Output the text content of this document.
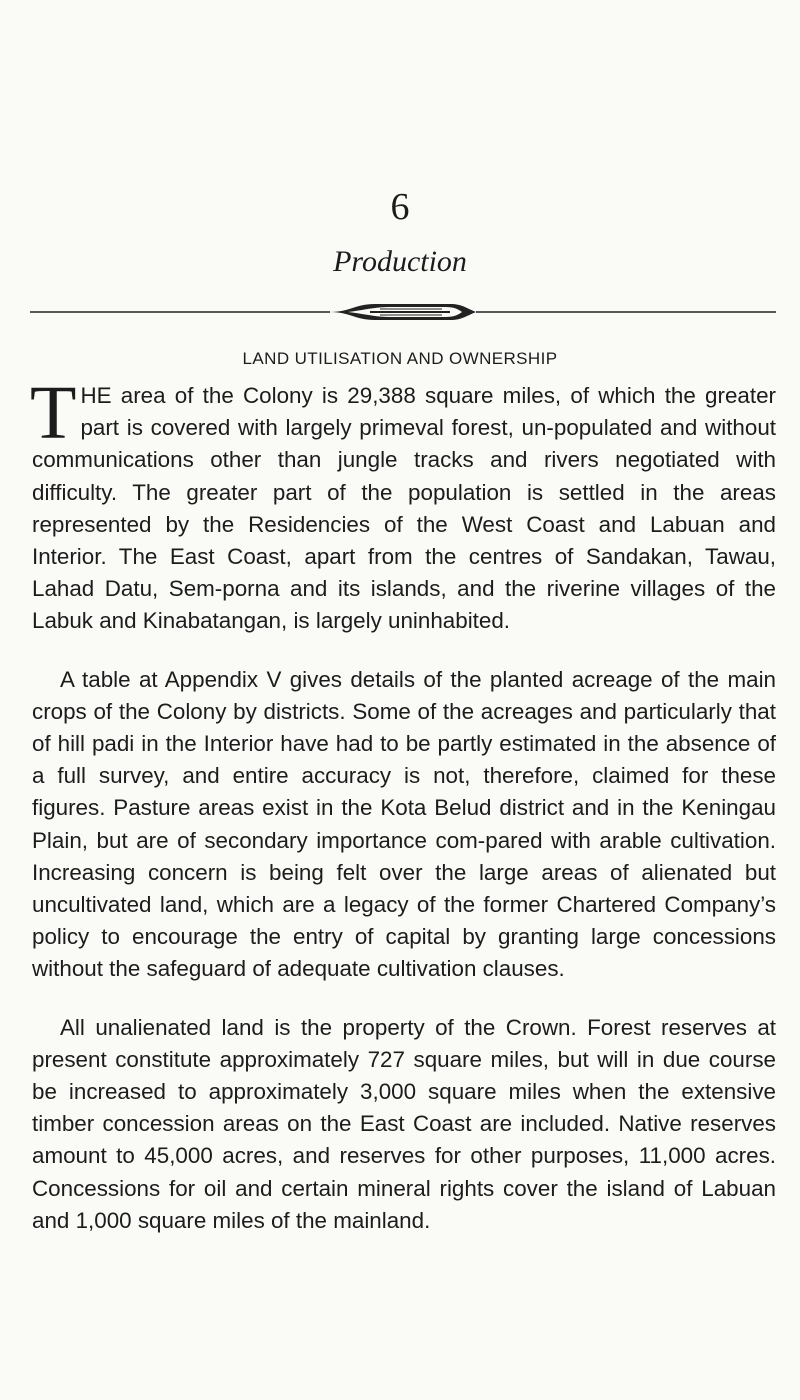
6
Production
LAND UTILISATION AND OWNERSHIP

THE area of the Colony is 29,388 square miles, of which the greater part is covered with largely primeval forest, un-populated and without communications other than jungle tracks and rivers negotiated with difficulty. The greater part of the population is settled in the areas represented by the Residencies of the West Coast and Labuan and Interior. The East Coast, apart from the centres of Sandakan, Tawau, Lahad Datu, Sem-porna and its islands, and the riverine villages of the Labuk and Kinabatangan, is largely uninhabited.

A table at Appendix V gives details of the planted acreage of the main crops of the Colony by districts. Some of the acreages and particularly that of hill padi in the Interior have had to be partly estimated in the absence of a full survey, and entire accuracy is not, therefore, claimed for these figures. Pasture areas exist in the Kota Belud district and in the Keningau Plain, but are of secondary importance com-pared with arable cultivation. Increasing concern is being felt over the large areas of alienated but uncultivated land, which are a legacy of the former Chartered Company’s policy to encourage the entry of capital by granting large concessions without the safeguard of adequate cultivation clauses.

All unalienated land is the property of the Crown. Forest reserves at present constitute approximately 727 square miles, but will in due course be increased to approximately 3,000 square miles when the extensive timber concession areas on the East Coast are included. Native reserves amount to 45,000 acres, and reserves for other purposes, 11,000 acres. Concessions for oil and certain mineral rights cover the island of Labuan and 1,000 square miles of the mainland.
